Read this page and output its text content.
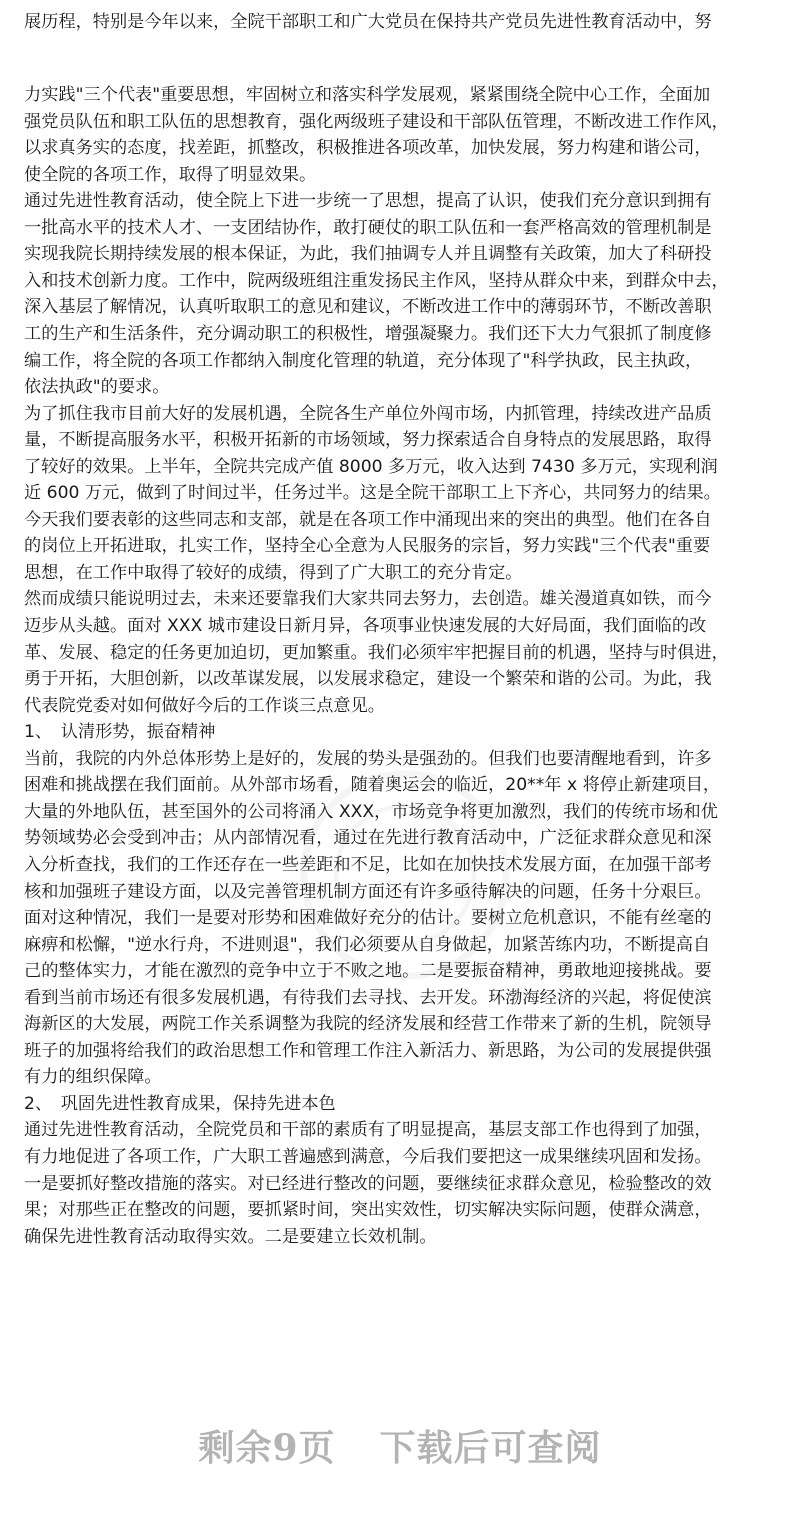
展历程，特别是今年以来，全院干部职工和广大党员在保持共产党员先进性教育活动中，努
力实践"三个代表"重要思想，牢固树立和落实科学发展观，紧紧围绕全院中心工作，全面加
强党员队伍和职工队伍的思想教育，强化两级班子建设和干部队伍管理，不断改进工作作风，
以求真务实的态度，找差距，抓整改，积极推进各项改革，加快发展，努力构建和谐公司，
使全院的各项工作，取得了明显效果。
通过先进性教育活动，使全院上下进一步统一了思想，提高了认识，使我们充分意识到拥有
一批高水平的技术人才、一支团结协作，敢打硬仗的职工队伍和一套严格高效的管理机制是
实现我院长期持续发展的根本保证，为此，我们抽调专人并且调整有关政策，加大了科研投
入和技术创新力度。工作中，院两级班组注重发扬民主作风，坚持从群众中来，到群众中去，
深入基层了解情况，认真听取职工的意见和建议，不断改进工作中的薄弱环节，不断改善职
工的生产和生活条件，充分调动职工的积极性，增强凝聚力。我们还下大力气狠抓了制度修
编工作，将全院的各项工作都纳入制度化管理的轨道，充分体现了"科学执政，民主执政，
依法执政"的要求。
为了抓住我市目前大好的发展机遇，全院各生产单位外闯市场，内抓管理，持续改进产品质
量，不断提高服务水平，积极开拓新的市场领域，努力探索适合自身特点的发展思路，取得
了较好的效果。上半年，全院共完成产值 8000 多万元，收入达到 7430 多万元，实现利润
近 600 万元，做到了时间过半，任务过半。这是全院干部职工上下齐心，共同努力的结果。
今天我们要表彰的这些同志和支部，就是在各项工作中涌现出来的突出的典型。他们在各自
的岗位上开拓进取，扎实工作，坚持全心全意为人民服务的宗旨，努力实践"三个代表"重要
思想，在工作中取得了较好的成绩，得到了广大职工的充分肯定。
然而成绩只能说明过去，未来还要靠我们大家共同去努力，去创造。雄关漫道真如铁，而今
迈步从头越。面对 XXX 城市建设日新月异，各项事业快速发展的大好局面，我们面临的改
革、发展、稳定的任务更加迫切，更加繁重。我们必须牢牢把握目前的机遇，坚持与时俱进，
勇于开拓，大胆创新，以改革谋发展，以发展求稳定，建设一个繁荣和谐的公司。为此，我
代表院党委对如何做好今后的工作谈三点意见。
1、　认清形势，振奋精神
当前，我院的内外总体形势上是好的，发展的势头是强劲的。但我们也要清醒地看到，许多
困难和挑战摆在我们面前。从外部市场看，随着奥运会的临近，20**年 x 将停止新建项目，
大量的外地队伍，甚至国外的公司将涌入 XXX，市场竞争将更加激烈，我们的传统市场和优
势领域势必会受到冲击；从内部情况看，通过在先进行教育活动中，广泛征求群众意见和深
入分析查找，我们的工作还存在一些差距和不足，比如在加快技术发展方面，在加强干部考
核和加强班子建设方面，以及完善管理机制方面还有许多亟待解决的问题，任务十分艰巨。
面对这种情况，我们一是要对形势和困难做好充分的估计。要树立危机意识，不能有丝毫的
麻痹和松懈，"逆水行舟，不进则退"，我们必须要从自身做起，加紧苦练内功，不断提高自
己的整体实力，才能在激烈的竞争中立于不败之地。二是要振奋精神，勇敢地迎接挑战。要
看到当前市场还有很多发展机遇，有待我们去寻找、去开发。环渤海经济的兴起，将促使滨
海新区的大发展，两院工作关系调整为我院的经济发展和经营工作带来了新的生机，院领导
班子的加强将给我们的政治思想工作和管理工作注入新活力、新思路，为公司的发展提供强
有力的组织保障。
2、　巩固先进性教育成果，保持先进本色
通过先进性教育活动，全院党员和干部的素质有了明显提高，基层支部工作也得到了加强，
有力地促进了各项工作，广大职工普遍感到满意，今后我们要把这一成果继续巩固和发扬。
一是要抓好整改措施的落实。对已经进行整改的问题，要继续征求群众意见，检验整改的效
果；对那些正在整改的问题，要抓紧时间，突出实效性，切实解决实际问题，使群众满意，
确保先进性教育活动取得实效。二是要建立长效机制。
剩余9页 下载后可查阅
